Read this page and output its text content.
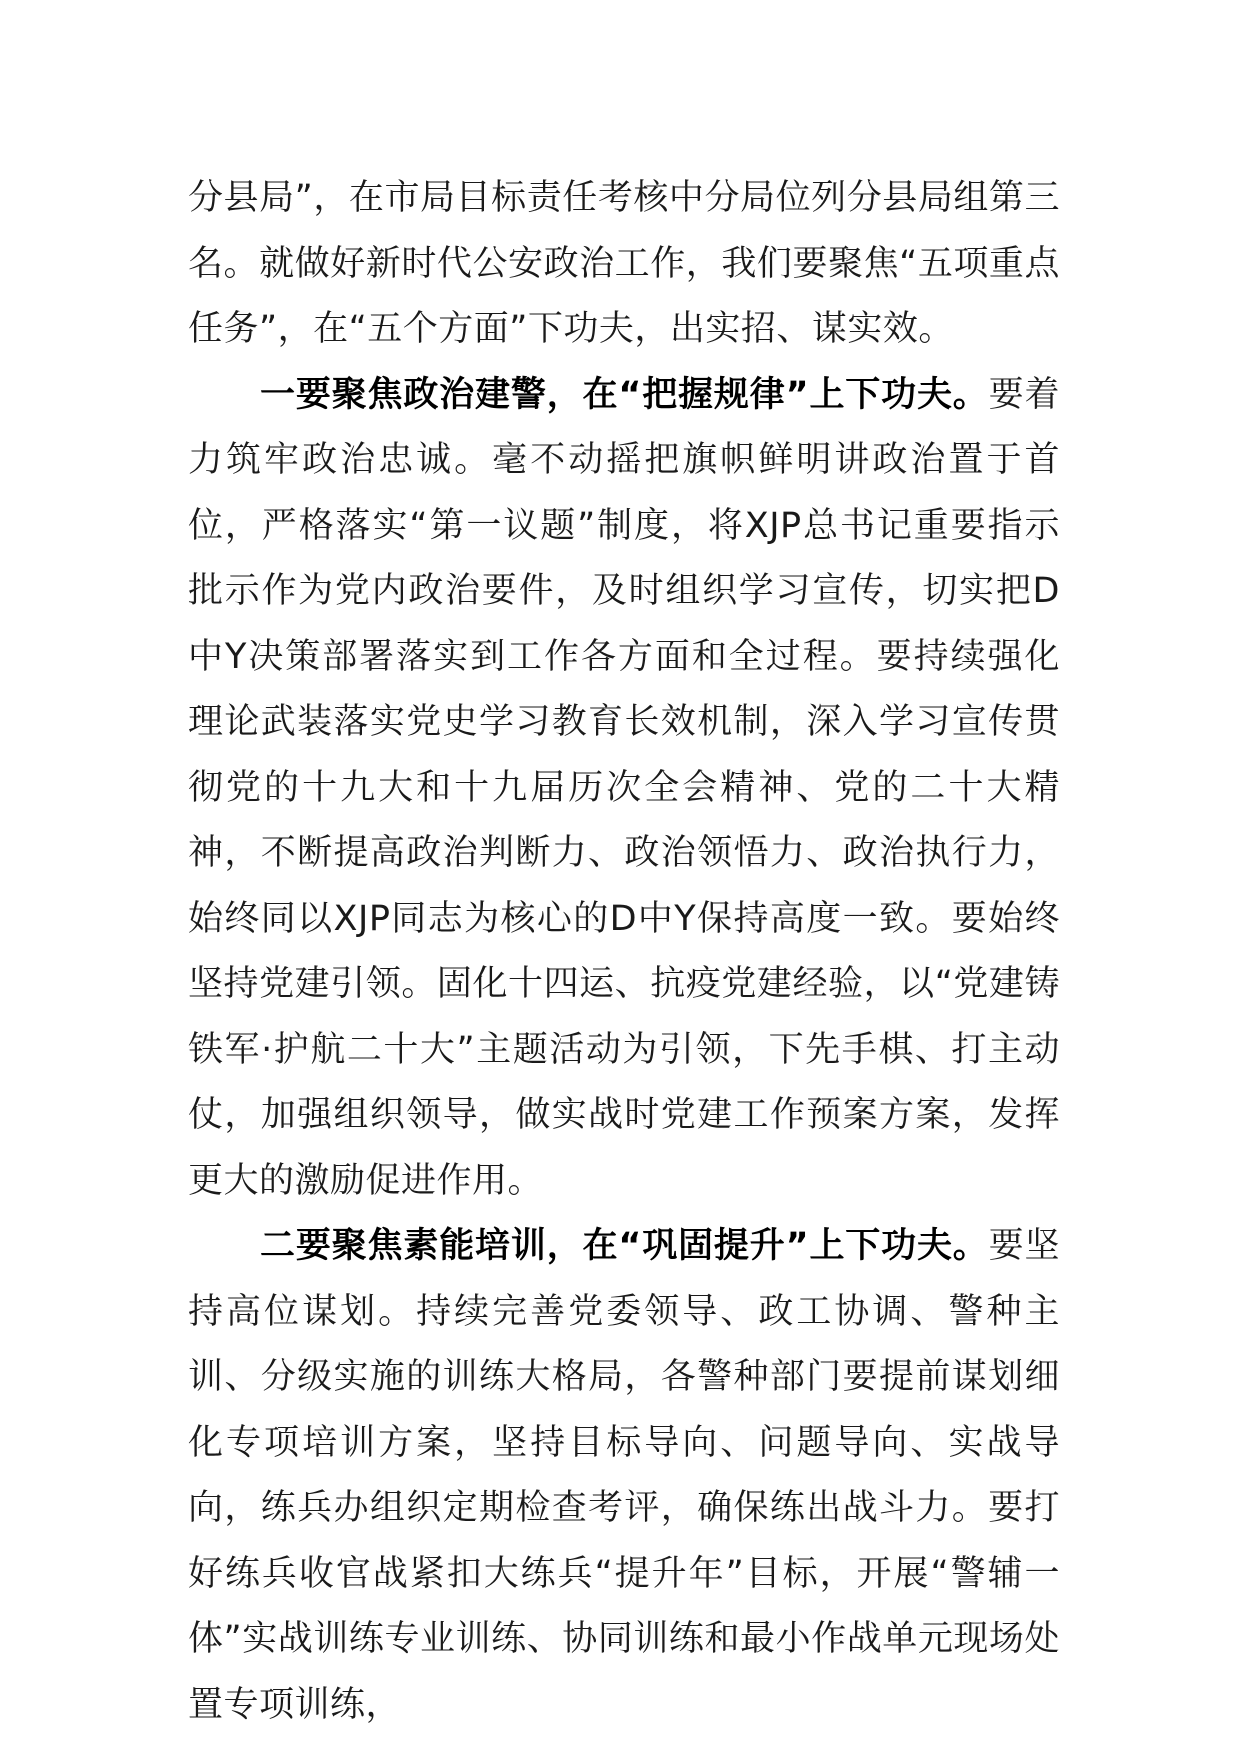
分县局”，在市局目标责任考核中分局位列分县局组第三名。就做好新时代公安政治工作，我们要聚焦“五项重点任务”，在“五个方面”下功夫，出实招、谋实效。

一要聚焦政治建警，在“把握规律”上下功夫。要着力筑牢政治忠诚。毫不动摇把旗帜鲜明讲政治置于首位，严格落实“第一议题”制度，将XJP总书记重要指示批示作为党内政治要件，及时组织学习宣传，切实把D中Y决策部署落实到工作各方面和全过程。要持续强化理论武装落实党史学习教育长效机制，深入学习宣传贯彻党的十九大和十九届历次全会精神、党的二十大精神，不断提高政治判断力、政治领悟力、政治执行力，始终同以XJP同志为核心的D中Y保持高度一致。要始终坚持党建引领。固化十四运、抗疫党建经验，以“党建铸铁军·护航二十大”主题活动为引领，下先手棋、打主动仗，加强组织领导，做实战时党建工作预案方案，发挥更大的激励促进作用。

二要聚焦素能培训，在“巩固提升”上下功夫。要坚持高位谋划。持续完善党委领导、政工协调、警种主训、分级实施的训练大格局，各警种部门要提前谋划细化专项培训方案，坚持目标导向、问题导向、实战导向，练兵办组织定期检查考评，确保练出战斗力。要打好练兵收官战紧扣大练兵“提升年”目标，开展“警辅一体”实战训练专业训练、协同训练和最小作战单元现场处置专项训练，
